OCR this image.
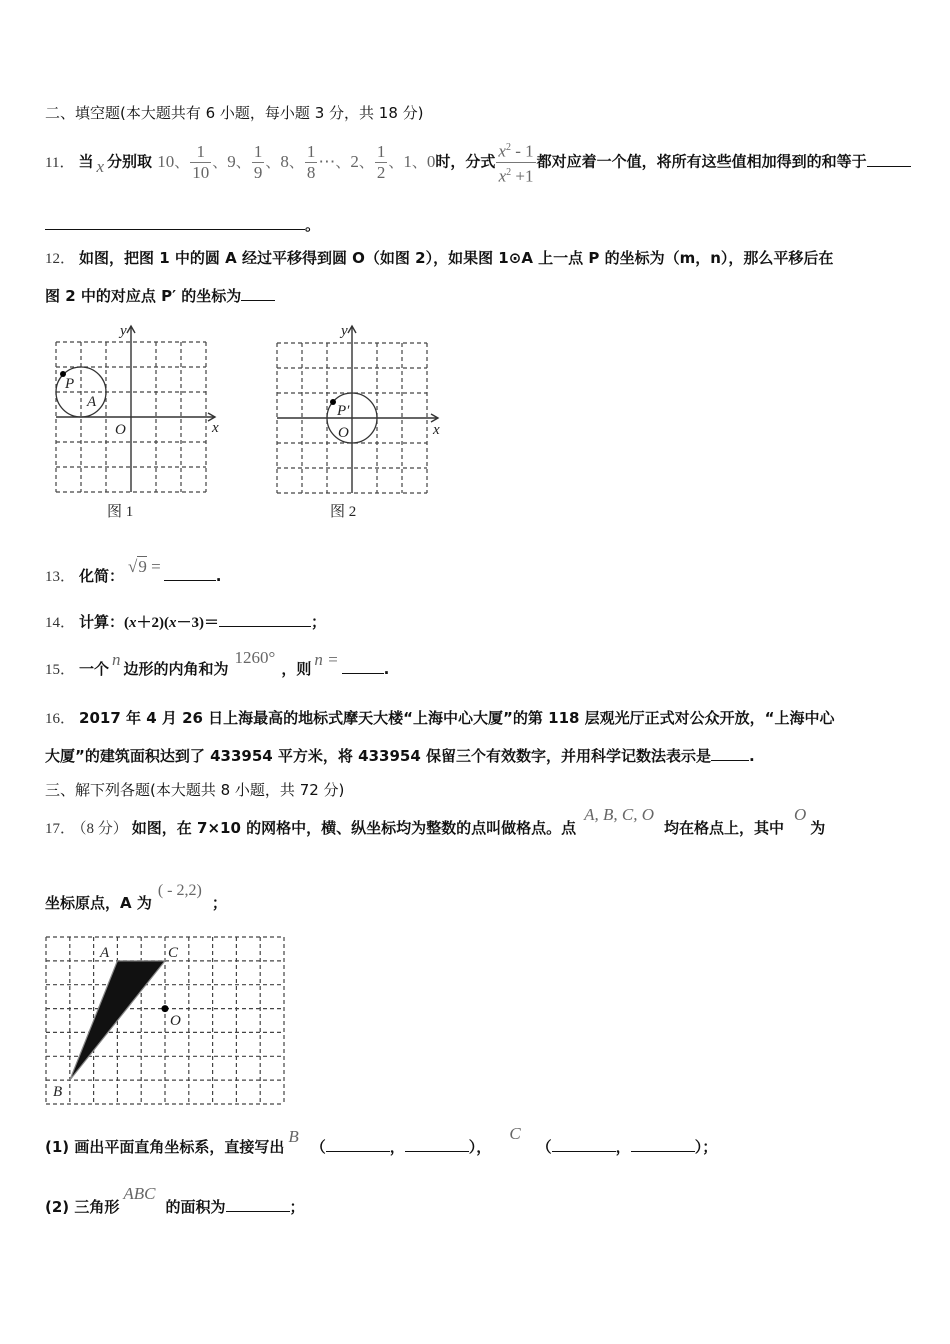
二、填空题(本大题共有 6 小题，每小题 3 分，共 18 分)
11． 当 x 分别取 10、 $\frac{1}{10}$ 、9、 $\frac{1}{9}$ 、8、 $\frac{1}{8}$ ⋯、2、 $\frac{1}{2}$ 、1、0时，分式 $\frac{x^2 - 1}{x^2 +1}$ 都对应着一个值，将所有这些值相加得到的和等于
。
12． 如图，把图 1 中的圆 A 经过平移得到圆 O（如图 2），如果图 1⊙A 上一点 P 的坐标为（m，n），那么平移后在
图 2 中的对应点 P′ 的坐标为
y
x
O
P
A
图 1
y
x
O
P′
图 2
13． 化简： √9 =	.
14． 计算：(x＋2)(x－3)＝	；
15． 一个 n 边形的内角和为1260°，则 n =	.
16． 2017 年 4 月 26 日上海最高的地标式摩天大楼“上海中心大厦”的第 118 层观光厅正式对公众开放，“上海中心
大厦”的建筑面积达到了 433954 平方米，将 433954 保留三个有效数字，并用科学记数法表示是	.
三、解下列各题(本大题共 8 小题，共 72 分)
17． （8 分） 如图，在 7×10 的网格中，横、纵坐标均为整数的点叫做格点。点A, B, C, O均在格点上，其中O为
坐标原点，A 为( - 2,2)；
A	C
O
B
(1) 画出平面直角坐标系，直接写出B（	，	），C（	，	）；
(2) 三角形ABC的面积为	；
